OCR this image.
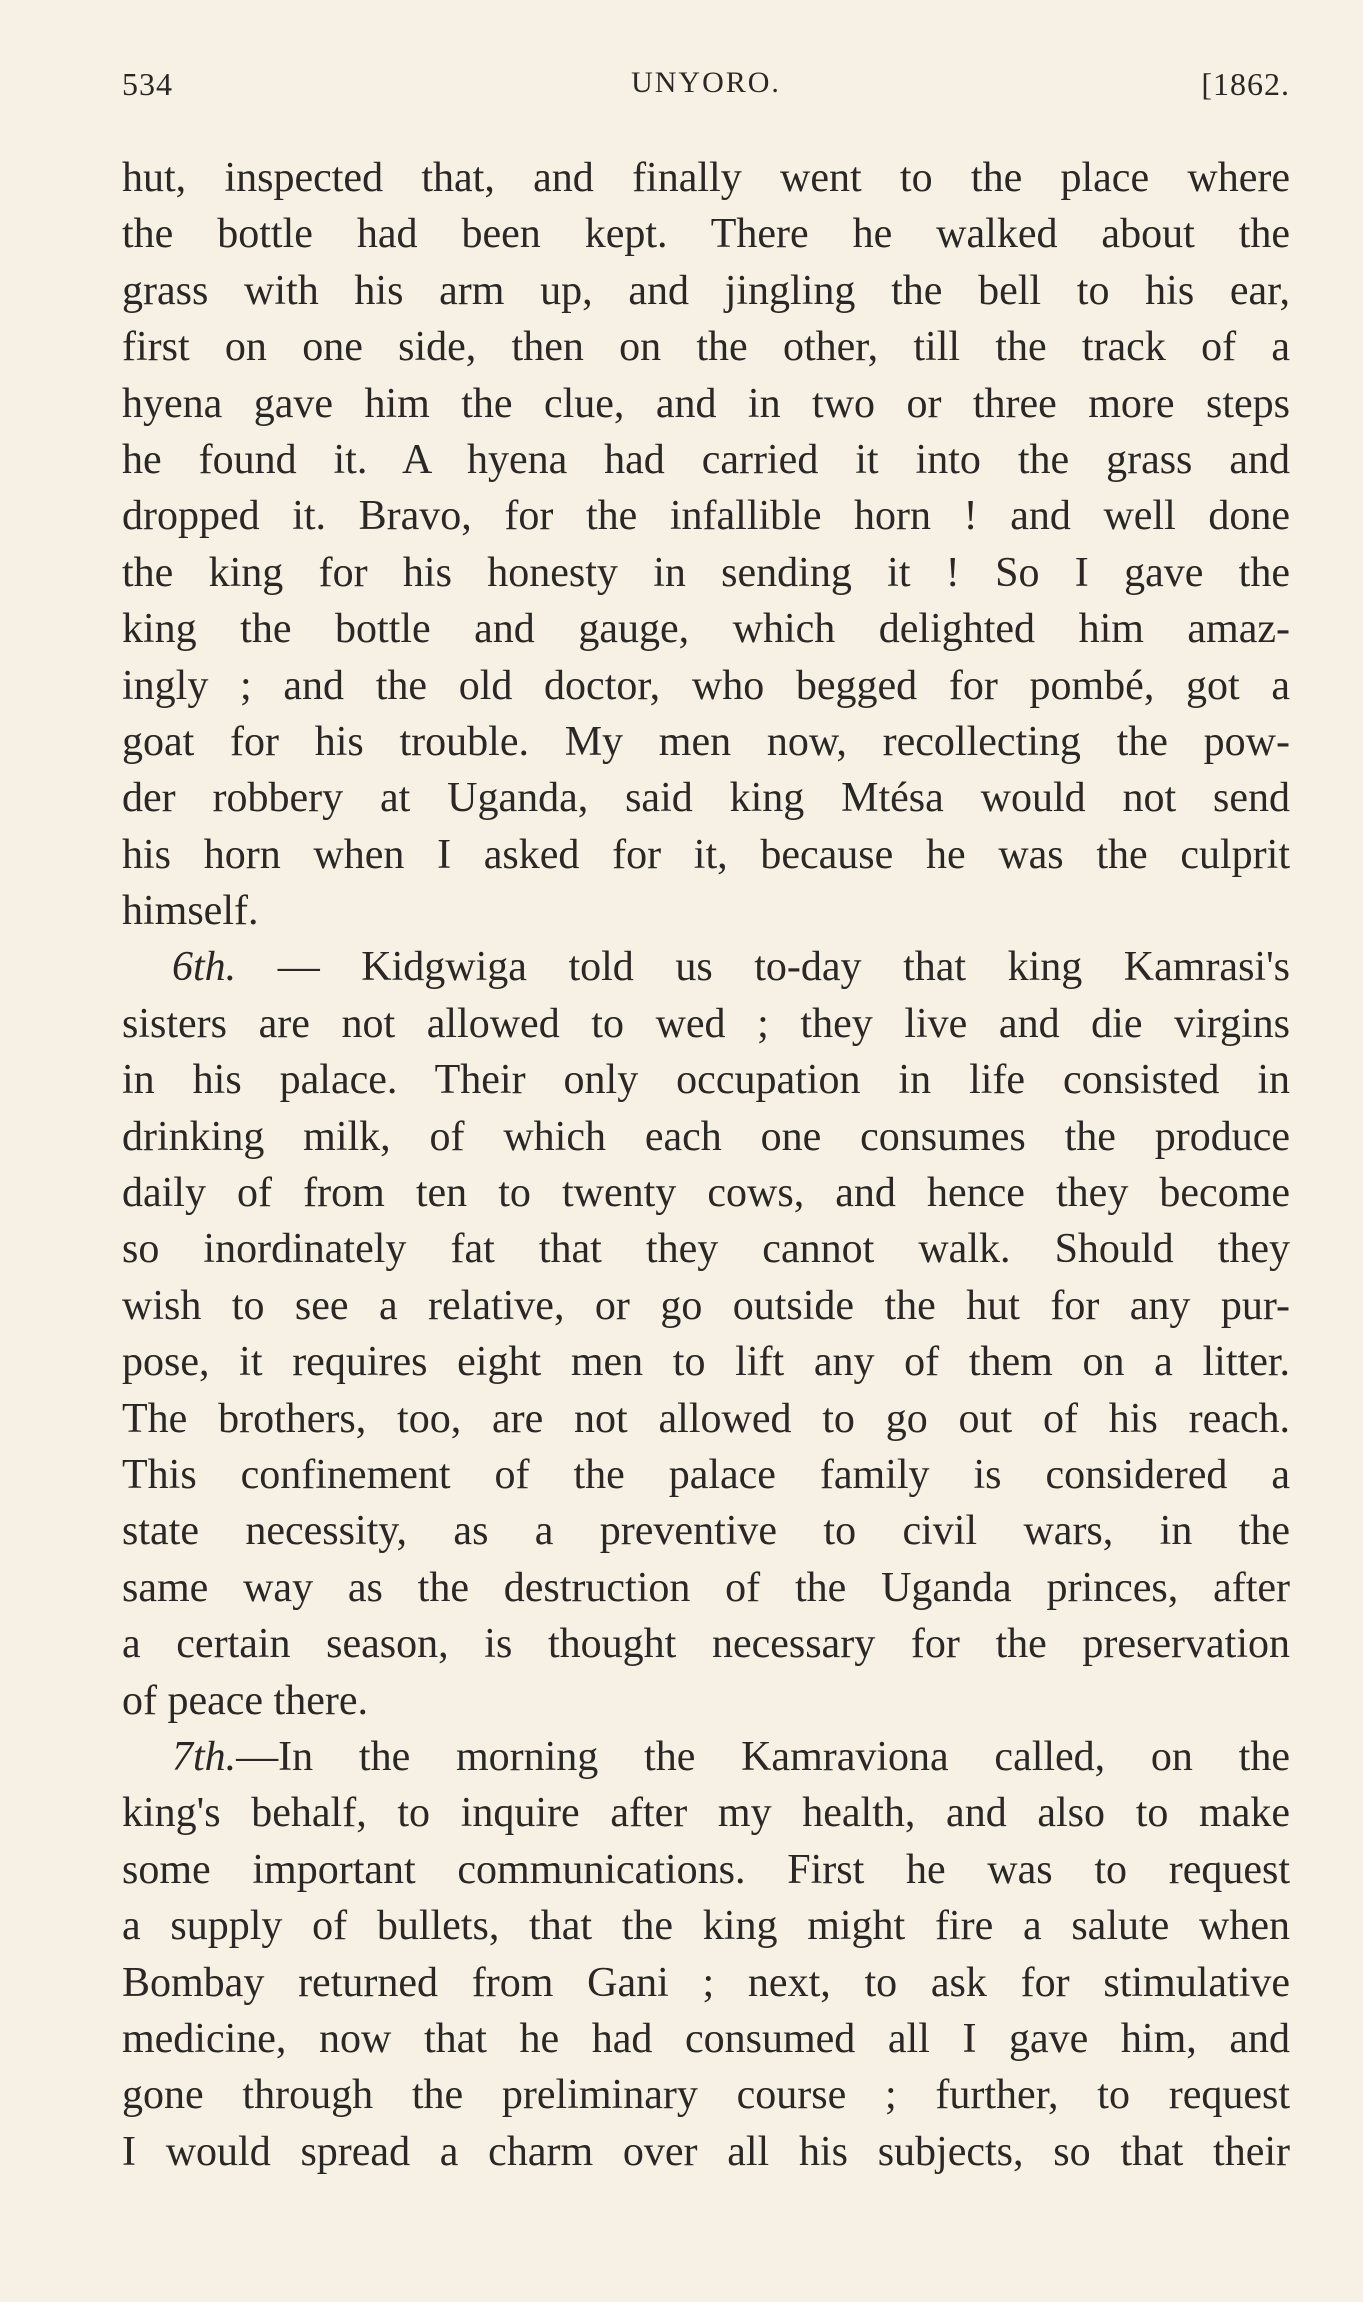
534	UNYORO.	[1862.
hut, inspected that, and finally went to the place where
the bottle had been kept. There he walked about the
grass with his arm up, and jingling the bell to his ear,
first on one side, then on the other, till the track of a
hyena gave him the clue, and in two or three more steps
he found it. A hyena had carried it into the grass and
dropped it. Bravo, for the infallible horn ! and well done
the king for his honesty in sending it ! So I gave the
king the bottle and gauge, which delighted him amaz-
ingly ; and the old doctor, who begged for pombé, got a
goat for his trouble. My men now, recollecting the pow-
der robbery at Uganda, said king Mtésa would not send
his horn when I asked for it, because he was the culprit
himself.
6th. — Kidgwiga told us to-day that king Kamrasi's
sisters are not allowed to wed ; they live and die virgins
in his palace. Their only occupation in life consisted in
drinking milk, of which each one consumes the produce
daily of from ten to twenty cows, and hence they become
so inordinately fat that they cannot walk. Should they
wish to see a relative, or go outside the hut for any pur-
pose, it requires eight men to lift any of them on a litter.
The brothers, too, are not allowed to go out of his reach.
This confinement of the palace family is considered a
state necessity, as a preventive to civil wars, in the
same way as the destruction of the Uganda princes, after
a certain season, is thought necessary for the preservation
of peace there.
7th.—In the morning the Kamraviona called, on the
king's behalf, to inquire after my health, and also to make
some important communications. First he was to request
a supply of bullets, that the king might fire a salute when
Bombay returned from Gani ; next, to ask for stimulative
medicine, now that he had consumed all I gave him, and
gone through the preliminary course ; further, to request
I would spread a charm over all his subjects, so that their
